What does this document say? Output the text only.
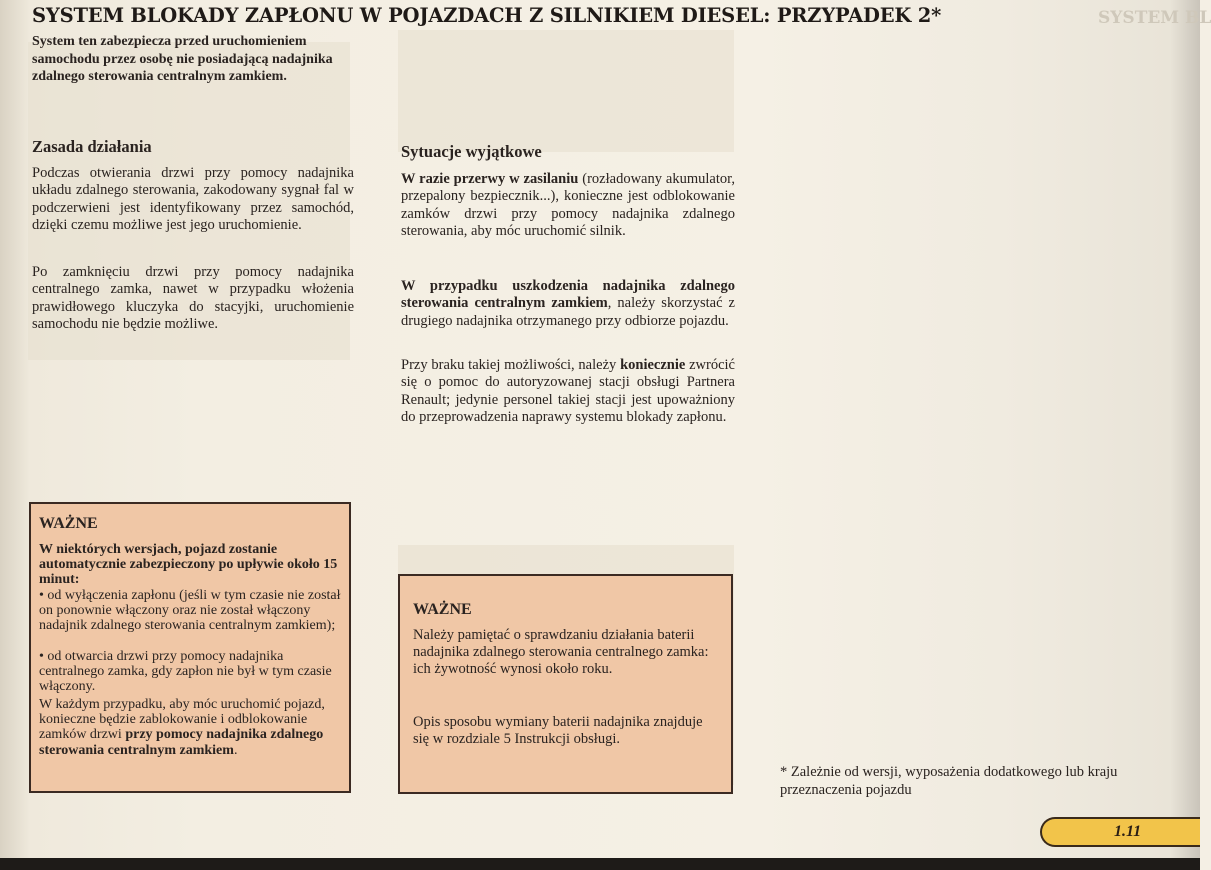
SYSTEM BLOKADY ZAPŁONU W POJAZDACH Z SILNIKIEM DIESEL: PRZYPADEK 2*	SYSTEM BL

System ten zabezpiecza przed uruchomieniem samochodu przez osobę nie posiadającą nadajnika zdalnego sterowania centralnym zamkiem.

Zasada działania

Podczas otwierania drzwi przy pomocy nadajnika układu zdalnego sterowania, zakodowany sygnał fal w podczerwieni jest identyfikowany przez samochód, dzięki czemu możliwe jest jego uruchomienie.

Po zamknięciu drzwi przy pomocy nadajnika centralnego zamka, nawet w przypadku włożenia prawidłowego kluczyka do stacyjki, uruchomienie samochodu nie będzie możliwe.

Sytuacje wyjątkowe

W razie przerwy w zasilaniu (rozładowany akumulator, przepalony bezpiecznik...), konieczne jest odblokowanie zamków drzwi przy pomocy nadajnika zdalnego sterowania, aby móc uruchomić silnik.

W przypadku uszkodzenia nadajnika zdalnego sterowania centralnym zamkiem, należy skorzystać z drugiego nadajnika otrzymanego przy odbiorze pojazdu.

Przy braku takiej możliwości, należy koniecznie zwrócić się o pomoc do autoryzowanej stacji obsługi Partnera Renault; jedynie personel takiej stacji jest upoważniony do przeprowadzenia naprawy systemu blokady zapłonu.

WAŻNE

W niektórych wersjach, pojazd zostanie automatycznie zabezpieczony po upływie około 15 minut:

• od wyłączenia zapłonu (jeśli w tym czasie nie został on ponownie włączony oraz nie został włączony nadajnik zdalnego sterowania centralnym zamkiem);

• od otwarcia drzwi przy pomocy nadajnika centralnego zamka, gdy zapłon nie był w tym czasie włączony.

W każdym przypadku, aby móc uruchomić pojazd, konieczne będzie zablokowanie i odblokowanie zamków drzwi przy pomocy nadajnika zdalnego sterowania centralnym zamkiem.

WAŻNE

Należy pamiętać o sprawdzaniu działania baterii nadajnika zdalnego sterowania centralnego zamka: ich żywotność wynosi około roku.

Opis sposobu wymiany baterii nadajnika znajduje się w rozdziale 5 Instrukcji obsługi.

* Zależnie od wersji, wyposażenia dodatkowego lub kraju przeznaczenia pojazdu

1.11
